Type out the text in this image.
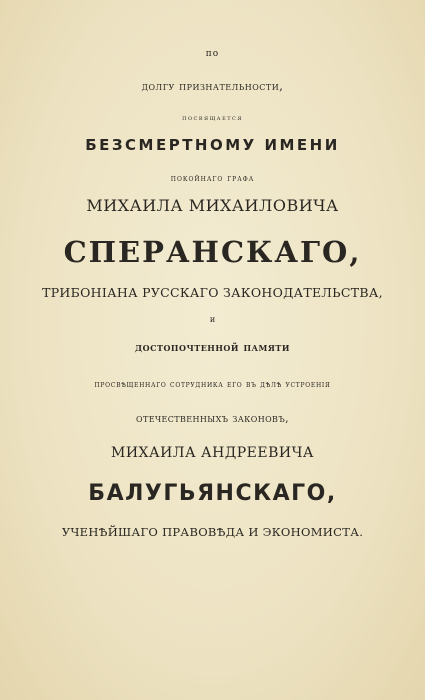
по
долгу признательности,
посвящается
БЕЗСМЕРТНОМУ ИМЕНИ
покойнаго графа
МИХАИЛА МИХАИЛОВИЧА
СПЕРАНСКАГО,
ТРИБОНІАНА РУССКАГО ЗАКОНОДАТЕЛЬСТВА,
и
достопочтенной памяти
просвѣщеннаго сотрудника его въ дѣлѣ устроенія
отечественныхъ законовъ,
МИХАИЛА АНДРЕЕВИЧА
БАЛУГЬЯНСКАГО,
УЧЕНѢЙШАГО ПРАВОВѢДА И ЭКОНОМИСТА.
